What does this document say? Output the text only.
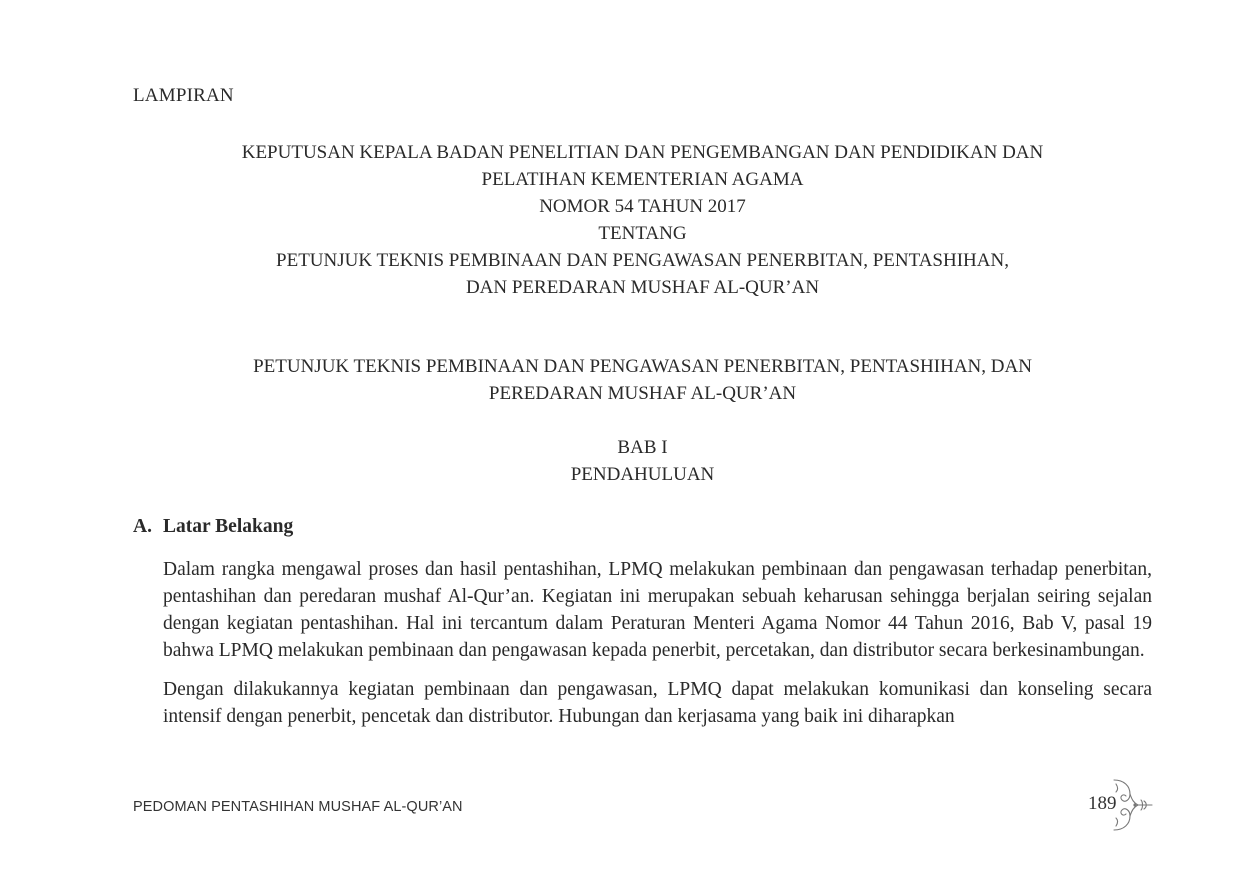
LAMPIRAN
KEPUTUSAN KEPALA BADAN PENELITIAN DAN PENGEMBANGAN DAN PENDIDIKAN DAN
PELATIHAN KEMENTERIAN AGAMA
NOMOR 54 TAHUN 2017
TENTANG
PETUNJUK TEKNIS PEMBINAAN DAN PENGAWASAN PENERBITAN, PENTASHIHAN,
DAN PEREDARAN MUSHAF AL-QUR’AN
PETUNJUK TEKNIS PEMBINAAN DAN PENGAWASAN PENERBITAN, PENTASHIHAN, DAN
PEREDARAN MUSHAF AL-QUR’AN
BAB I
PENDAHULUAN
A. Latar Belakang

Dalam rangka mengawal proses dan hasil pentashihan, LPMQ melakukan pembinaan dan pengawasan terhadap penerbitan, pentashihan dan peredaran mushaf Al-Qur’an. Kegiatan ini merupakan sebuah keharusan sehingga berjalan seiring sejalan dengan kegiatan pentashihan. Hal ini tercantum dalam Peraturan Menteri Agama Nomor 44 Tahun 2016, Bab V, pasal 19 bahwa LPMQ melakukan pembinaan dan pengawasan kepada penerbit, percetakan, dan distributor secara berkesinambungan.

Dengan dilakukannya kegiatan pembinaan dan pengawasan, LPMQ dapat melakukan komunikasi dan konseling secara intensif dengan penerbit, pencetak dan distributor. Hubungan dan kerjasama yang baik ini diharapkan

PEDOMAN PENTASHIHAN MUSHAF AL-QUR’AN	189
